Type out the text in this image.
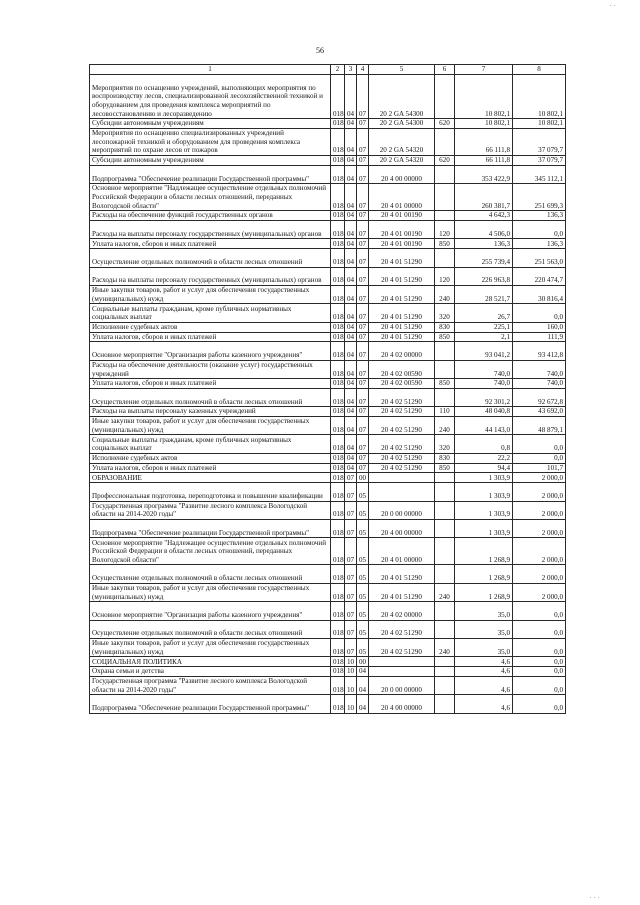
· ·
56
1	2	3	4	5	6	7	8
Мероприятия по оснащению учреждений, выполняющих мероприятия по воспроизводству лесов, специализированной лесохозяйственной техникой и оборудованием для проведения комплекса мероприятий по лесовосстановлению и лесоразведению	018	04	07	20 2 GA 54300		10 802,1	10 802,1
Субсидии автономным учреждениям	018	04	07	20 2 GA 54300	620	10 802,1	10 802,1
Мероприятия по оснащению специализированных учреждений лесопожарной техникой и оборудованием для проведения комплекса мероприятий по охране лесов от пожаров	018	04	07	20 2 GA 54320		66 111,8	37 079,7
Субсидии автономным учреждениям	018	04	07	20 2 GA 54320	620	66 111,8	37 079,7
Подпрограмма "Обеспечение реализации Государственной программы"	018	04	07	20 4 00 00000		353 422,9	345 112,1
Основное мероприятие "Надлежащее осуществление отдельных полномочий Российской Федерации в области лесных отношений, переданных Вологодской области"	018	04	07	20 4 01 00000		260 381,7	251 699,3
Расходы на обеспечение функций государственных органов	018	04	07	20 4 01 00190		4 642,3	136,3
Расходы на выплаты персоналу государственных (муниципальных) органов	018	04	07	20 4 01 00190	120	4 506,0	0,0
Уплата налогов, сборов и иных платежей	018	04	07	20 4 01 00190	850	136,3	136,3
Осуществление отдельных полномочий в области лесных отношений	018	04	07	20 4 01 51290		255 739,4	251 563,0
Расходы на выплаты персоналу государственных (муниципальных) органов	018	04	07	20 4 01 51290	120	226 963,8	220 474,7
Иные закупки товаров, работ и услуг для обеспечения государственных (муниципальных) нужд	018	04	07	20 4 01 51290	240	28 521,7	30 816,4
Социальные выплаты гражданам, кроме публичных нормативных социальных выплат	018	04	07	20 4 01 51290	320	26,7	0,0
Исполнение судебных актов	018	04	07	20 4 01 51290	830	225,1	160,0
Уплата налогов, сборов и иных платежей	018	04	07	20 4 01 51290	850	2,1	111,9
Основное мероприятие "Организация работы казенного учреждения"	018	04	07	20 4 02 00000		93 041,2	93 412,8
Расходы на обеспечение деятельности (оказание услуг) государственных учреждений	018	04	07	20 4 02 00590		740,0	740,0
Уплата налогов, сборов и иных платежей	018	04	07	20 4 02 00590	850	740,0	740,0
Осуществление отдельных полномочий в области лесных отношений	018	04	07	20 4 02 51290		92 301,2	92 672,8
Расходы на выплаты персоналу казенных учреждений	018	04	07	20 4 02 51290	110	48 040,8	43 692,0
Иные закупки товаров, работ и услуг для обеспечения государственных (муниципальных) нужд	018	04	07	20 4 02 51290	240	44 143,0	48 879,1
Социальные выплаты гражданам, кроме публичных нормативных социальных выплат	018	04	07	20 4 02 51290	320	0,8	0,0
Исполнение судебных актов	018	04	07	20 4 02 51290	830	22,2	0,0
Уплата налогов, сборов и иных платежей	018	04	07	20 4 02 51290	850	94,4	101,7
ОБРАЗОВАНИЕ	018	07	00			1 303,9	2 000,0
Профессиональная подготовка, переподготовка и повышение квалификации	018	07	05			1 303,9	2 000,0
Государственная программа "Развитие лесного комплекса Вологодской области на 2014-2020 годы"	018	07	05	20 0 00 00000		1 303,9	2 000,0
Подпрограмма "Обеспечение реализации Государственной программы"	018	07	05	20 4 00 00000		1 303,9	2 000,0
Основное мероприятие "Надлежащее осуществление отдельных полномочий Российской Федерации в области лесных отношений, переданных Вологодской области"	018	07	05	20 4 01 00000		1 268,9	2 000,0
Осуществление отдельных полномочий в области лесных отношений	018	07	05	20 4 01 51290		1 268,9	2 000,0
Иные закупки товаров, работ и услуг для обеспечения государственных (муниципальных) нужд	018	07	05	20 4 01 51290	240	1 268,9	2 000,0
Основное мероприятие "Организация работы казенного учреждения"	018	07	05	20 4 02 00000		35,0	0,0
Осуществление отдельных полномочий в области лесных отношений	018	07	05	20 4 02 51290		35,0	0,0
Иные закупки товаров, работ и услуг для обеспечения государственных (муниципальных) нужд	018	07	05	20 4 02 51290	240	35,0	0,0
СОЦИАЛЬНАЯ ПОЛИТИКА	018	10	00			4,6	0,0
Охрана семьи и детства	018	10	04			4,6	0,0
Государственная программа "Развитие лесного комплекса Вологодской области на 2014-2020 годы"	018	10	04	20 0 00 00000		4,6	0,0
Подпрограмма "Обеспечение реализации Государственной программы"	018	10	04	20 4 00 00000		4,6	0,0
· · ·
